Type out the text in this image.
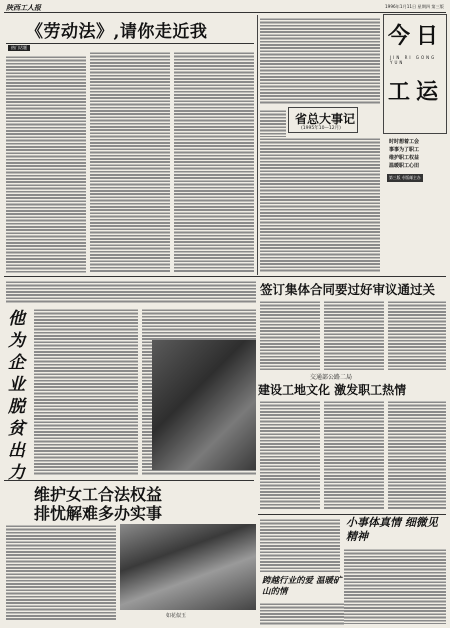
陕西工人报	1996年1月11日 星期四 第三版
《劳动法》,请你走近我
热门话题
省总大事记
(1995年10—12月)
今 日
工 运
JIN RI GONG YUN
时时想着工会
事事为了职工
维护职工权益
温暖职工心田
第三版 专版邮主办
签订集体合同要过好审议通过关
他为企业脱贫出力
交通部公路二局
建设工地文化 激发职工热情
维护女工合法权益
排忧解难多办实事
如花似玉
小事体真情 细微见精神
跨越行业的爱 温暖矿山的情
